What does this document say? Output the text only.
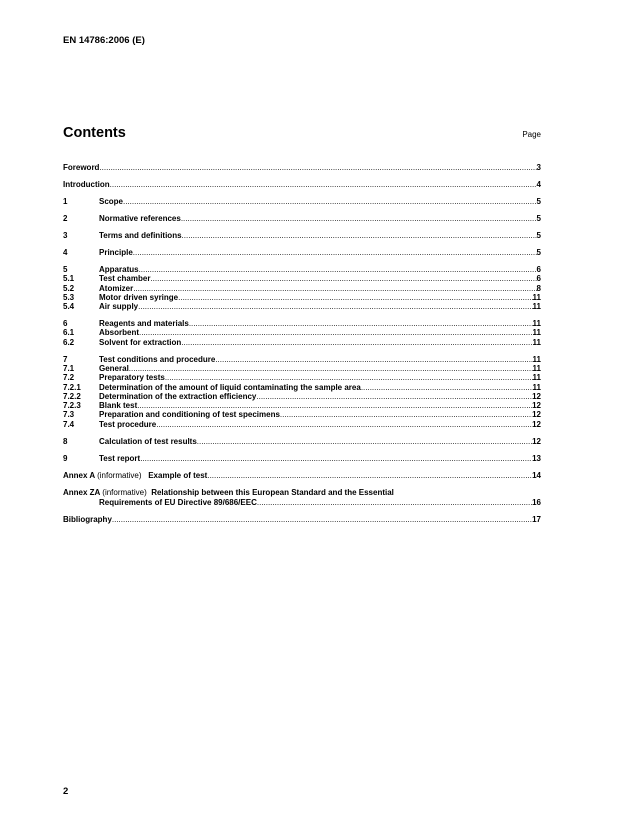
EN 14786:2006 (E)
Contents	Page
Foreword .....	3
Introduction .....	4
1	Scope .....	5
2	Normative references .....	5
3	Terms and definitions .....	5
4	Principle .....	5
5	Apparatus .....	6
5.1	Test chamber .....	6
5.2	Atomizer .....	8
5.3	Motor driven syringe .....	11
5.4	Air supply .....	11
6	Reagents and materials .....	11
6.1	Absorbent .....	11
6.2	Solvent for extraction .....	11
7	Test conditions and procedure .....	11
7.1	General .....	11
7.2	Preparatory tests .....	11
7.2.1	Determination of the amount of liquid contaminating the sample area .....	11
7.2.2	Determination of the extraction efficiency .....	12
7.2.3	Blank test .....	12
7.3	Preparation and conditioning of test specimens .....	12
7.4	Test procedure .....	12
8	Calculation of test results .....	12
9	Test report .....	13
Annex A (informative) Example of test .....	14
Annex ZA (informative) Relationship between this European Standard and the Essential
Requirements of EU Directive 89/686/EEC .....	16
Bibliography .....	17
2
